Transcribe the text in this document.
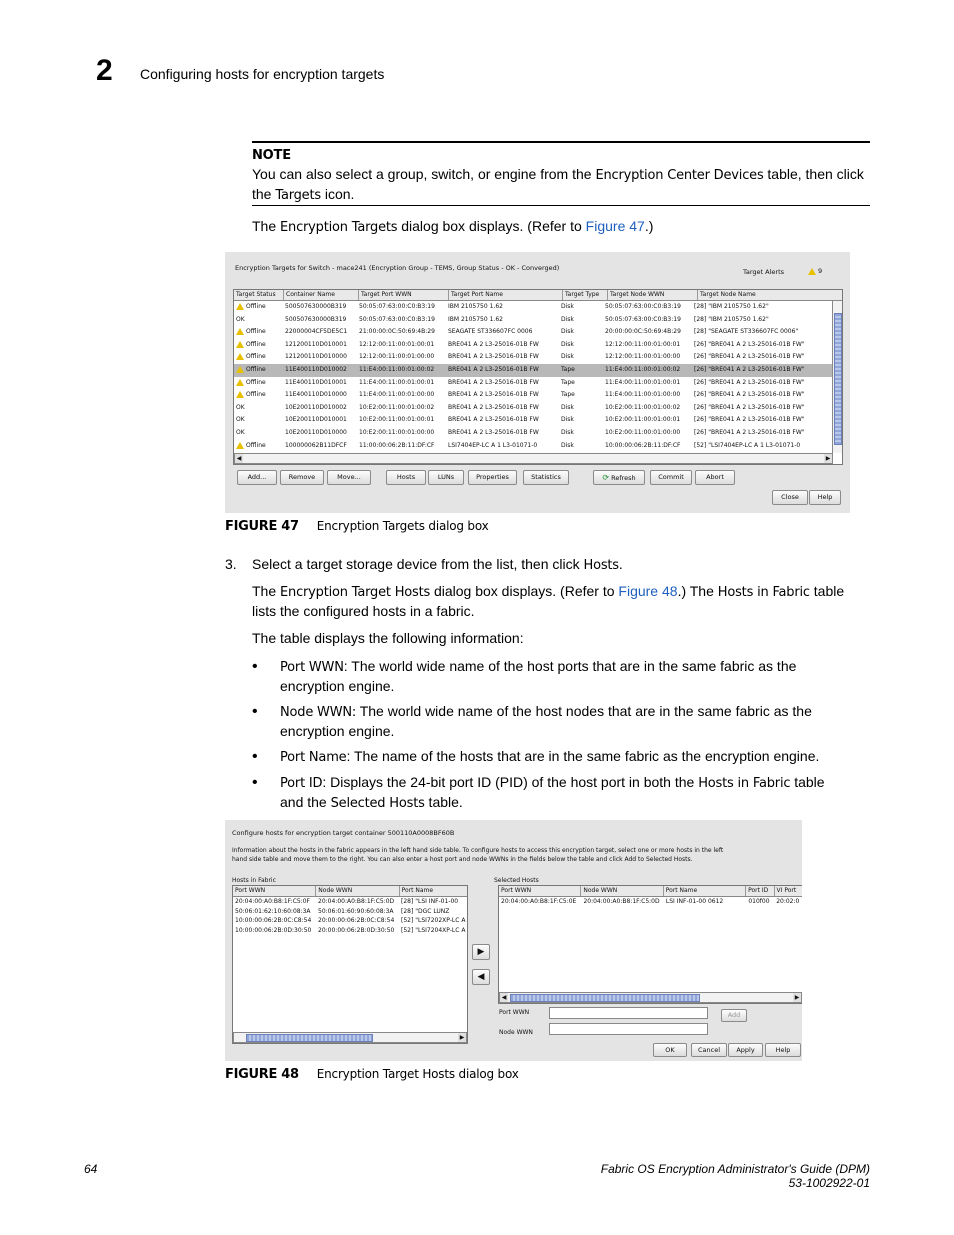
2 Configuring hosts for encryption targets
NOTE
You can also select a group, switch, or engine from the Encryption Center Devices table, then click the Targets icon.
The Encryption Targets dialog box displays. (Refer to Figure 47.)
Encryption Targets for Switch - mace241 (Encryption Group - TEMS, Group Status - OK - Converged)	Target Alerts	9
Target Status	Container Name	Target Port WWN	Target Port Name	Target Type	Target Node WWN	Target Node Name
Offline	500507630000B319	50:05:07:63:00:C0:B3:19	IBM 2105750 1.62	Disk	50:05:07:63:00:C0:B3:19	[28] "IBM 2105750 1.62"
OK	500507630000B319	50:05:07:63:00:C0:B3:19	IBM 2105750 1.62	Disk	50:05:07:63:00:C0:B3:19	[28] "IBM 2105750 1.62"
Offline	22000004CF5DE5C1	21:00:00:0C:50:69:4B:29	SEAGATE ST336607FC 0006	Disk	20:00:00:0C:50:69:4B:29	[28] "SEAGATE ST336607FC 0006"
Offline	121200110D010001	12:12:00:11:00:01:00:01	BRE041 A 2 L3-25016-01B FW	Disk	12:12:00:11:00:01:00:01	[26] "BRE041 A 2 L3-25016-01B FW"
Offline	121200110D010000	12:12:00:11:00:01:00:00	BRE041 A 2 L3-25016-01B FW	Disk	12:12:00:11:00:01:00:00	[26] "BRE041 A 2 L3-25016-01B FW"
Offline	11E400110D010002	11:E4:00:11:00:01:00:02	BRE041 A 2 L3-25016-01B FW	Tape	11:E4:00:11:00:01:00:02	[26] "BRE041 A 2 L3-25016-01B FW"
Offline	11E400110D010001	11:E4:00:11:00:01:00:01	BRE041 A 2 L3-25016-01B FW	Tape	11:E4:00:11:00:01:00:01	[26] "BRE041 A 2 L3-25016-01B FW"
Offline	11E400110D010000	11:E4:00:11:00:01:00:00	BRE041 A 2 L3-25016-01B FW	Tape	11:E4:00:11:00:01:00:00	[26] "BRE041 A 2 L3-25016-01B FW"
OK	10E200110D010002	10:E2:00:11:00:01:00:02	BRE041 A 2 L3-25016-01B FW	Disk	10:E2:00:11:00:01:00:02	[26] "BRE041 A 2 L3-25016-01B FW"
OK	10E200110D010001	10:E2:00:11:00:01:00:01	BRE041 A 2 L3-25016-01B FW	Disk	10:E2:00:11:00:01:00:01	[26] "BRE041 A 2 L3-25016-01B FW"
OK	10E200110D010000	10:E2:00:11:00:01:00:00	BRE041 A 2 L3-25016-01B FW	Disk	10:E2:00:11:00:01:00:00	[26] "BRE041 A 2 L3-25016-01B FW"
Offline	100000062B11DFCF	11:00:00:06:2B:11:DF:CF	LSI7404EP-LC A 1 L3-01071-0	Disk	10:00:00:06:2B:11:DF:CF	[52] "LSI7404EP-LC A 1 L3-01071-0
◀	▶
Add...	Remove	Move...	Hosts	LUNs	Properties	Statistics	⟳ Refresh	Commit	Abort
Close	Help
FIGURE 47 Encryption Targets dialog box
3. Select a target storage device from the list, then click Hosts.
The Encryption Target Hosts dialog box displays. (Refer to Figure 48.) The Hosts in Fabric table
lists the configured hosts in a fabric.
The table displays the following information:
• Port WWN: The world wide name of the host ports that are in the same fabric as the
encryption engine.
• Node WWN: The world wide name of the host nodes that are in the same fabric as the
encryption engine.
• Port Name: The name of the hosts that are in the same fabric as the encryption engine.
• Port ID: Displays the 24-bit port ID (PID) of the host port in both the Hosts in Fabric table
and the Selected Hosts table.
Configure hosts for encryption target container 500110A0008BF60B
Information about the hosts in the fabric appears in the left hand side table. To configure hosts to access this encryption target, select one or more hosts in the left
hand side table and move them to the right. You can also enter a host port and node WWNs in the fields below the table and click Add to Selected Hosts.
Hosts in Fabric
Port WWN	Node WWN	Port Name
20:04:00:A0:B8:1F:C5:0F	20:04:00:A0:B8:1F:C5:0D	[28] "LSI INF-01-00
50:06:01:62:10:60:08:3A	50:06:01:60:90:60:08:3A	[28] "DGC LUNZ
10:00:00:06:2B:0C:C8:54	20:00:00:06:2B:0C:C8:54	[52] "LSI7202XP-LC A
10:00:00:06:2B:0D:30:50	20:00:00:06:2B:0D:30:50	[52] "LSI7204XP-LC A
▶
▶
◀
Selected Hosts
Port WWN	Node WWN	Port Name	Port ID	VI Port
20:04:00:A0:B8:1F:C5:0E	20:04:00:A0:B8:1F:C5:0D	LSI INF-01-00 0612	010f00	20:02:0
◀	▶
Port WWN
Node WWN
Add
OK	Cancel	Apply	Help
FIGURE 48 Encryption Target Hosts dialog box
64	Fabric OS Encryption Administrator's Guide (DPM)
53-1002922-01
